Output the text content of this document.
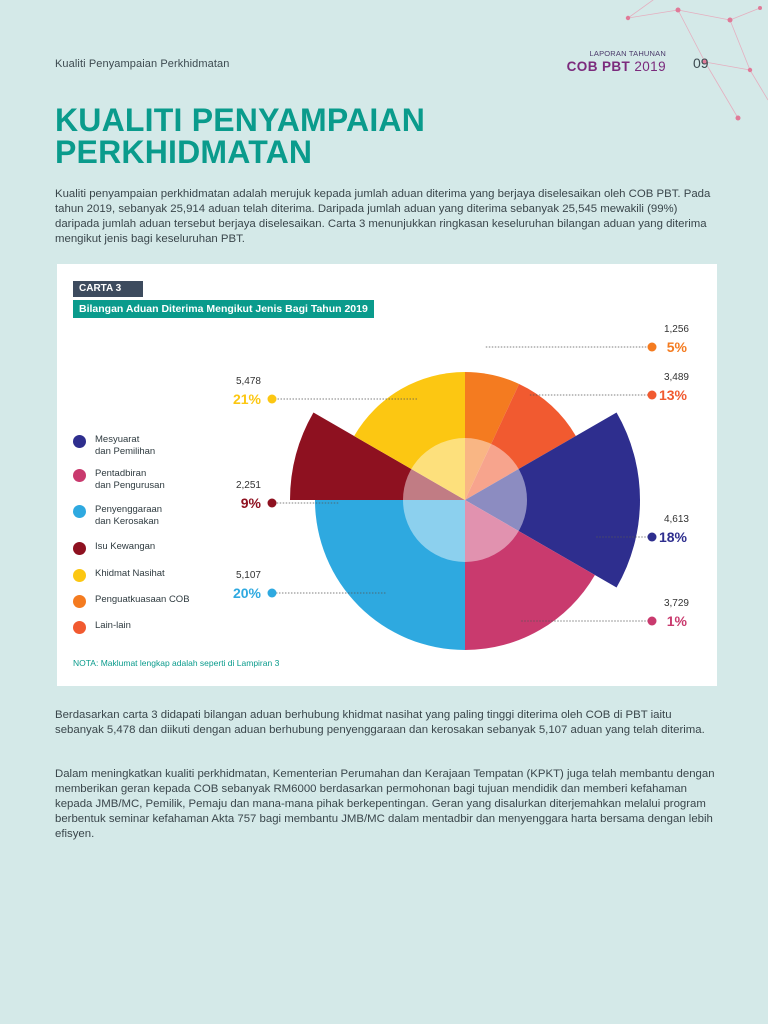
Kualiti Penyampaian Perkhidmatan
LAPORAN TAHUNAN
COB PBT 2019 09
KUALITI PENYAMPAIAN
PERKHIDMATAN

Kualiti penyampaian perkhidmatan adalah merujuk kepada jumlah aduan diterima yang berjaya diselesaikan oleh COB PBT. Pada tahun 2019, sebanyak 25,914 aduan telah diterima. Daripada jumlah aduan yang diterima sebanyak 25,545 mewakili (99%) daripada jumlah aduan tersebut berjaya diselesaikan. Carta 3 menunjukkan ringkasan keseluruhan bilangan aduan yang diterima mengikut jenis bagi keseluruhan PBT.

CARTA 3
Bilangan Aduan Diterima Mengikut Jenis Bagi Tahun 2019
1,256
5%
3,489
13%
4,613
18%
3,729
1%
5,107
20%
2,251
9%
5,478
21%
Mesyuarat
dan Pemilihan
Pentadbiran
dan Pengurusan
Penyenggaraan
dan Kerosakan
Isu Kewangan
Khidmat Nasihat
Penguatkuasaan COB
Lain-lain
NOTA: Maklumat lengkap adalah seperti di Lampiran 3

Berdasarkan carta 3 didapati bilangan aduan berhubung khidmat nasihat yang paling tinggi diterima oleh COB di PBT iaitu sebanyak 5,478 dan diikuti dengan aduan berhubung penyenggaraan dan kerosakan sebanyak 5,107 aduan yang telah diterima.

Dalam meningkatkan kualiti perkhidmatan, Kementerian Perumahan dan Kerajaan Tempatan (KPKT) juga telah membantu dengan memberikan geran kepada COB sebanyak RM6000 berdasarkan permohonan bagi tujuan mendidik dan memberi kefahaman kepada JMB/MC, Pemilik, Pemaju dan mana-mana pihak berkepentingan. Geran yang disalurkan diterjemahkan melalui program berbentuk seminar kefahaman Akta 757 bagi membantu JMB/MC dalam mentadbir dan menyenggara harta bersama dengan lebih efisyen.
